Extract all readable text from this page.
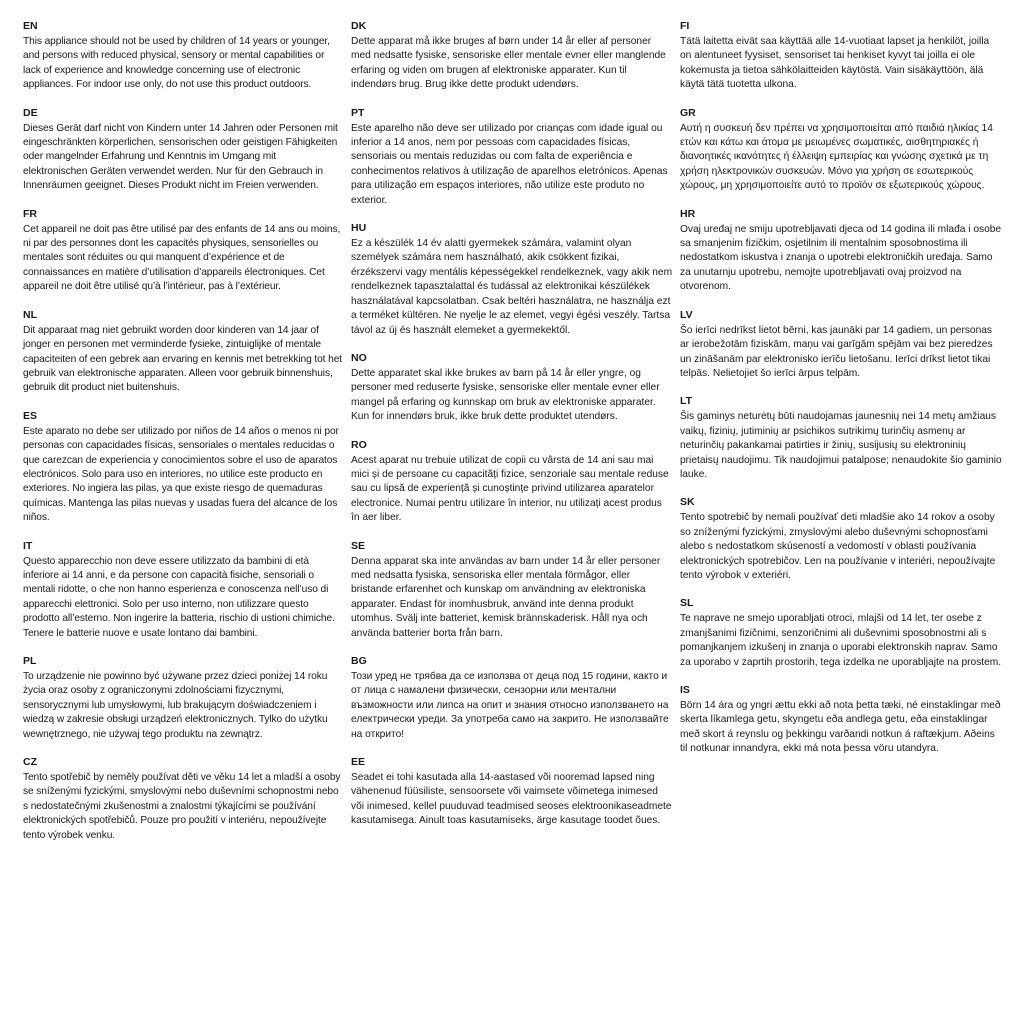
EN

This appliance should not be used by children of 14 years or younger, and persons with reduced physical, sensory or mental capabilities or lack of experience and knowledge concerning use of electronic appliances. For indoor use only, do not use this product outdoors.

DE

Dieses Gerät darf nicht von Kindern unter 14 Jahren oder Personen mit eingeschränkten körperlichen, sensorischen oder geistigen Fähigkeiten oder mangelnder Erfahrung und Kenntnis im Umgang mit elektronischen Geräten verwendet werden. Nur für den Gebrauch in Innenräumen geeignet. Dieses Produkt nicht im Freien verwenden.

FR

Cet appareil ne doit pas être utilisé par des enfants de 14 ans ou moins, ni par des personnes dont les capacités physiques, sensorielles ou mentales sont réduites ou qui manquent d’expérience et de connaissances en matière d’utilisation d’appareils électroniques. Cet appareil ne doit être utilisé qu’à l’intérieur, pas à l’extérieur.

NL

Dit apparaat mag niet gebruikt worden door kinderen van 14 jaar of jonger en personen met verminderde fysieke, zintuiglijke of mentale capaciteiten of een gebrek aan ervaring en kennis met betrekking tot het gebruik van elektronische apparaten. Alleen voor gebruik binnenshuis, gebruik dit product niet buitenshuis.

ES

Este aparato no debe ser utilizado por niños de 14 años o menos ni por personas con capacidades físicas, sensoriales o mentales reducidas o que carezcan de experiencia y conocimientos sobre el uso de aparatos electrónicos. Solo para uso en interiores, no utilice este producto en exteriores. No ingiera las pilas, ya que existe riesgo de quemaduras químicas. Mantenga las pilas nuevas y usadas fuera del alcance de los niños.

IT

Questo apparecchio non deve essere utilizzato da bambini di età inferiore ai 14 anni, e da persone con capacità fisiche, sensoriali o mentali ridotte, o che non hanno esperienza e conoscenza nell’uso di apparecchi elettronici. Solo per uso interno, non utilizzare questo prodotto all’esterno. Non ingerire la batteria, rischio di ustioni chimiche. Tenere le batterie nuove e usate lontano dai bambini.

PL

To urządzenie nie powinno być używane przez dzieci poniżej 14 roku życia oraz osoby z ograniczonymi zdolnościami fizycznymi, sensorycznymi lub umysłowymi, lub brakującym doświadczeniem i wiedzą w zakresie obsługi urządzeń elektronicznych. Tylko do użytku wewnętrznego, nie używaj tego produktu na zewnątrz.

CZ

Tento spotřebič by neměly používat děti ve věku 14 let a mladší a osoby se sníženými fyzickými, smyslovými nebo duševními schopnostmi nebo s nedostatečnými zkušenostmi a znalostmi týkajícími se používání elektronických spotřebičů. Pouze pro použití v interiéru, nepoužívejte tento výrobek venku.

DK

Dette apparat må ikke bruges af børn under 14 år eller af personer med nedsatte fysiske, sensoriske eller mentale evner eller manglende erfaring og viden om brugen af elektroniske apparater. Kun til indendørs brug. Brug ikke dette produkt udendørs.

PT

Este aparelho não deve ser utilizado por crianças com idade igual ou inferior a 14 anos, nem por pessoas com capacidades físicas, sensoriais ou mentais reduzidas ou com falta de experiência e conhecimentos relativos à utilização de aparelhos eletrónicos. Apenas para utilização em espaços interiores, não utilize este produto no exterior.

HU

Ez a készülék 14 év alatti gyermekek számára, valamint olyan személyek számára nem használható, akik csökkent fizikai, érzékszervi vagy mentális képességekkel rendelkeznek, vagy akik nem rendelkeznek tapasztalattal és tudással az elektronikai készülékek használatával kapcsolatban. Csak beltéri használatra, ne használja ezt a terméket kültéren. Ne nyelje le az elemet, vegyi égési veszély. Tartsa távol az új és használt elemeket a gyermekektől.

NO

Dette apparatet skal ikke brukes av barn på 14 år eller yngre, og personer med reduserte fysiske, sensoriske eller mentale evner eller mangel på erfaring og kunnskap om bruk av elektroniske apparater. Kun for innendørs bruk, ikke bruk dette produktet utendørs.

RO

Acest aparat nu trebuie utilizat de copii cu vârsta de 14 ani sau mai mici și de persoane cu capacități fizice, senzoriale sau mentale reduse sau cu lipsă de experiență și cunoștințe privind utilizarea aparatelor electronice. Numai pentru utilizare în interior, nu utilizați acest produs în aer liber.

SE

Denna apparat ska inte användas av barn under 14 år eller personer med nedsatta fysiska, sensoriska eller mentala förmågor, eller bristande erfarenhet och kunskap om användning av elektroniska apparater. Endast för inomhusbruk, använd inte denna produkt utomhus. Svälj inte batteriet, kemisk brännskaderisk. Håll nya och använda batterier borta från barn.

BG

Този уред не трябва да се използва от деца под 15 години, както и от лица с намалени физически, сензорни или ментални възможности или липса на опит и знания относно използването на електрически уреди. За употреба само на закрито. Не използвайте на открито!

EE

Seadet ei tohi kasutada alla 14-aastased või nooremad lapsed ning vähenenud füüsiliste, sensoorsete või vaimsete võimetega inimesed või inimesed, kellel puuduvad teadmised seoses elektroonikaseadmete kasutamisega. Ainult toas kasutamiseks, ärge kasutage toodet õues.

FI

Tätä laitetta eivät saa käyttää alle 14-vuotiaat lapset ja henkilöt, joilla on alentuneet fyysiset, sensoriset tai henkiset kyvyt tai joilla ei ole kokemusta ja tietoa sähkölaitteiden käytöstä. Vain sisäkäyttöön, älä käytä tätä tuotetta ulkona.

GR

Αυτή η συσκευή δεν πρέπει να χρησιμοποιείται από παιδιά ηλικίας 14 ετών και κάτω και άτομα με μειωμένες σωματικές, αισθητηριακές ή διανοητικές ικανότητες ή έλλειψη εμπειρίας και γνώσης σχετικά με τη χρήση ηλεκτρονικών συσκευών. Μόνο για χρήση σε εσωτερικούς χώρους, μη χρησιμοποιείτε αυτό το προϊόν σε εξωτερικούς χώρους.

HR

Ovaj uređaj ne smiju upotrebljavati djeca od 14 godina ili mlađa i osobe sa smanjenim fizičkim, osjetilnim ili mentalnim sposobnostima ili nedostatkom iskustva i znanja o upotrebi elektroničkih uređaja. Samo za unutarnju upotrebu, nemojte upotrebljavati ovaj proizvod na otvorenom.

LV

Šo ierīci nedrīkst lietot bērni, kas jaunāki par 14 gadiem, un personas ar ierobežotām fiziskām, maņu vai garīgām spējām vai bez pieredzes un zināšanām par elektronisko ierīču lietošanu. Ierīci drīkst lietot tikai telpās. Nelietojiet šo ierīci ārpus telpām.

LT

Šis gaminys neturėtų būti naudojamas jaunesnių nei 14 metų amžiaus vaikų, fizinių, jutiminių ar psichikos sutrikimų turinčių asmenų ar neturinčių pakankamai patirties ir žinių, susijusių su elektroninių prietaisų naudojimu. Tik naudojimui patalpose; nenaudokite šio gaminio lauke.

SK

Tento spotrebič by nemali používať deti mladšie ako 14 rokov a osoby so zníženými fyzickými, zmyslovými alebo duševnými schopnosťami alebo s nedostatkom skúseností a vedomostí v oblasti používania elektronických spotrebičov. Len na používanie v interiéri, nepoužívajte tento výrobok v exteriéri.

SL

Te naprave ne smejo uporabljati otroci, mlajši od 14 let, ter osebe z zmanjšanimi fizičnimi, senzoričnimi ali duševnimi sposobnostmi ali s pomanjkanjem izkušenj in znanja o uporabi elektronskih naprav. Samo za uporabo v zaprtih prostorih, tega izdelka ne uporabljajte na prostem.

IS

Börn 14 ára og yngri ættu ekki að nota þetta tæki, né einstaklingar með skerta líkamlega getu, skyngetu eða andlega getu, eða einstaklingar með skort á reynslu og þekkingu varðandi notkun á raftækjum. Aðeins til notkunar innandyra, ekki má nota þessa vöru utandyra.
